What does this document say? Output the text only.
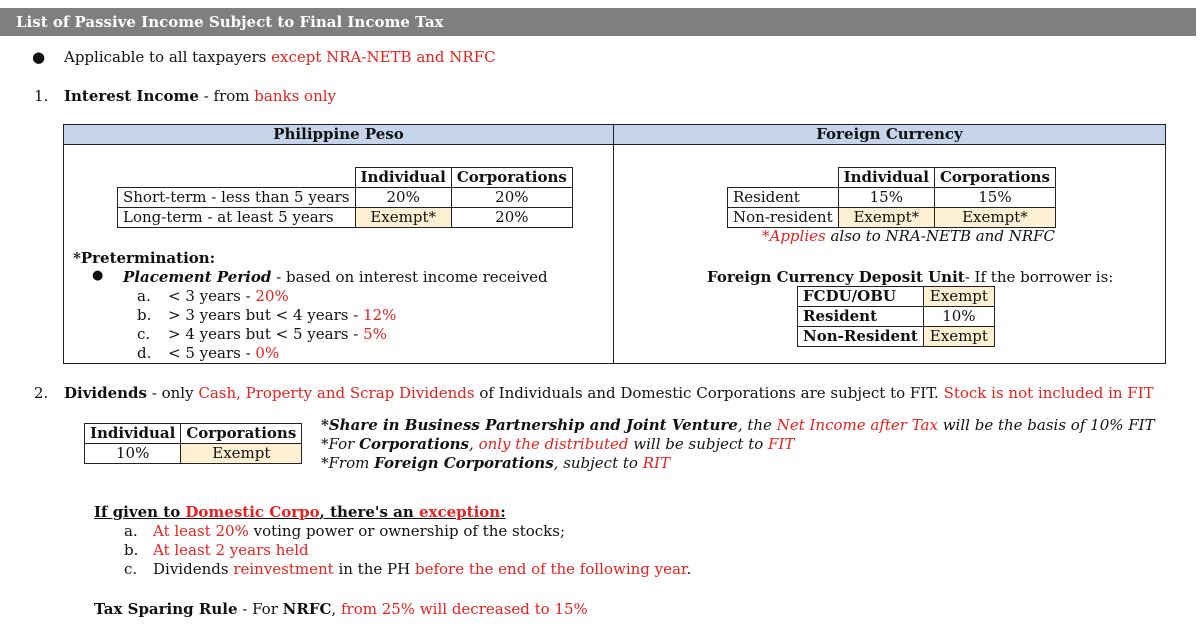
List of Passive Income Subject to Final Income Tax
● Applicable to all taxpayers except NRA-NETB and NRFC
1. Interest Income - from banks only
Philippine Peso	Foreign Currency
	Individual	Corporations
Short-term - less than 5 years	20%	20%
Long-term - at least 5 years	Exempt*	20%
*Pretermination:
● Placement Period - based on interest income received
a. < 3 years - 20%
b. > 3 years but < 4 years - 12%
c. > 4 years but < 5 years - 5%
d. < 5 years - 0%
	Individual	Corporations
Resident	15%	15%
Non-resident	Exempt*	Exempt*
*Applies also to NRA-NETB and NRFC
Foreign Currency Deposit Unit- If the borrower is:
FCDU/OBU	Exempt
Resident	10%
Non-Resident	Exempt
2. Dividends - only Cash, Property and Scrap Dividends of Individuals and Domestic Corporations are subject to FIT. Stock is not included in FIT
Individual	Corporations
10%	Exempt
*Share in Business Partnership and Joint Venture, the Net Income after Tax will be the basis of 10% FIT
*For Corporations, only the distributed will be subject to FIT
*From Foreign Corporations, subject to RIT
If given to Domestic Corpo, there's an exception:
a. At least 20% voting power or ownership of the stocks;
b. At least 2 years held
c. Dividends reinvestment in the PH before the end of the following year.
Tax Sparing Rule - For NRFC, from 25% will decreased to 15%
